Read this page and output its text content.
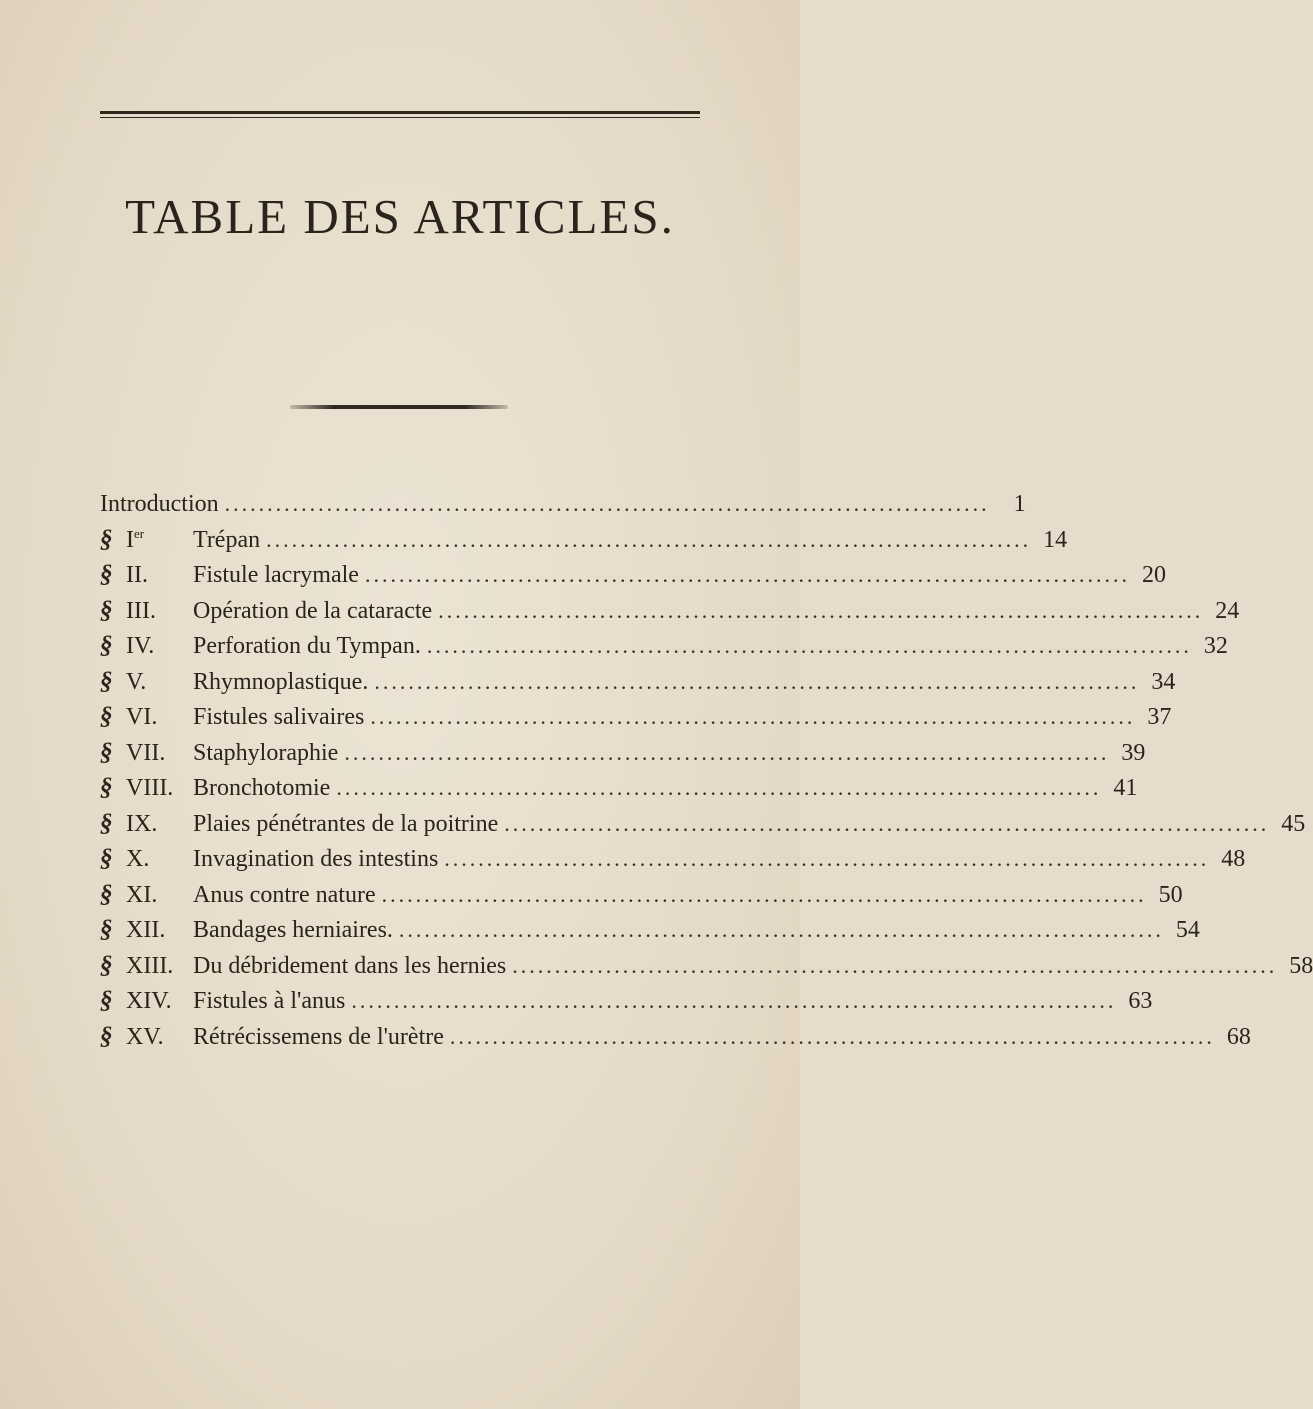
TABLE DES ARTICLES.
Introduction ..........................................................................................	1
§ Ier Trépan .......................................................................................... 14
§ II. Fistule lacrymale .......................................................................................... 20
§ III. Opération de la cataracte .......................................................................................... 24
§ IV. Perforation du Tympan. .......................................................................................... 32
§ V. Rhymnoplastique. .......................................................................................... 34
§ VI. Fistules salivaires .......................................................................................... 37
§ VII. Staphyloraphie .......................................................................................... 39
§ VIII. Bronchotomie .......................................................................................... 41
§ IX. Plaies pénétrantes de la poitrine .......................................................................................... 45
§ X. Invagination des intestins .......................................................................................... 48
§ XI. Anus contre nature .......................................................................................... 50
§ XII. Bandages herniaires. .......................................................................................... 54
§ XIII. Du débridement dans les hernies .......................................................................................... 58
§ XIV. Fistules à l'anus .......................................................................................... 63
§ XV. Rétrécissemens de l'urètre .......................................................................................... 68
